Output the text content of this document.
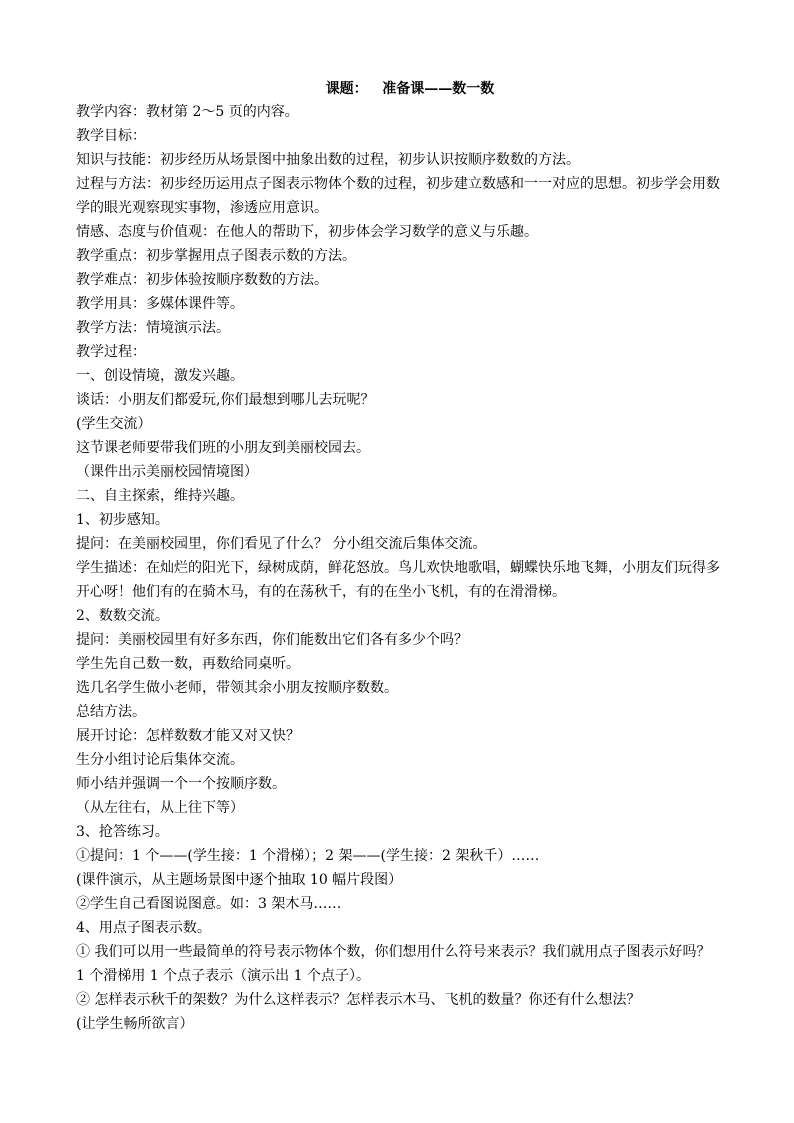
课题：   准备课——数一数
教学内容：教材第 2～5 页的内容。
教学目标：
知识与技能：初步经历从场景图中抽象出数的过程，初步认识按顺序数数的方法。
过程与方法：初步经历运用点子图表示物体个数的过程，初步建立数感和一一对应的思想。初步学会用数
学的眼光观察现实事物，渗透应用意识。
情感、态度与价值观：在他人的帮助下，初步体会学习数学的意义与乐趣。
教学重点：初步掌握用点子图表示数的方法。
教学难点：初步体验按顺序数数的方法。
教学用具：多媒体课件等。
教学方法：情境演示法。
教学过程：
一、创设情境，激发兴趣。
谈话：小朋友们都爱玩,你们最想到哪儿去玩呢？
(学生交流）
这节课老师要带我们班的小朋友到美丽校园去。
（课件出示美丽校园情境图）
二、自主探索，维持兴趣。
1、初步感知。
提问：在美丽校园里，你们看见了什么？ 分小组交流后集体交流。
学生描述：在灿烂的阳光下，绿树成荫，鲜花怒放。鸟儿欢快地歌唱，蝴蝶快乐地飞舞，小朋友们玩得多
开心呀！他们有的在骑木马，有的在荡秋千，有的在坐小飞机，有的在滑滑梯。
2、数数交流。
提问：美丽校园里有好多东西，你们能数出它们各有多少个吗？
学生先自己数一数，再数给同桌听。
选几名学生做小老师，带领其余小朋友按顺序数数。
总结方法。
展开讨论：怎样数数才能又对又快？
生分小组讨论后集体交流。
师小结并强调一个一个按顺序数。
（从左往右，从上往下等）
3、抢答练习。
①提问：1 个——(学生接：1 个滑梯）；2 架——(学生接：2 架秋千）……
(课件演示，从主题场景图中逐个抽取 10 幅片段图）
②学生自己看图说图意。如：3 架木马……
4、用点子图表示数。
① 我们可以用一些最简单的符号表示物体个数，你们想用什么符号来表示？我们就用点子图表示好吗？
1 个滑梯用 1 个点子表示（演示出 1 个点子）。
② 怎样表示秋千的架数？为什么这样表示？怎样表示木马、飞机的数量？你还有什么想法？
(让学生畅所欲言）
